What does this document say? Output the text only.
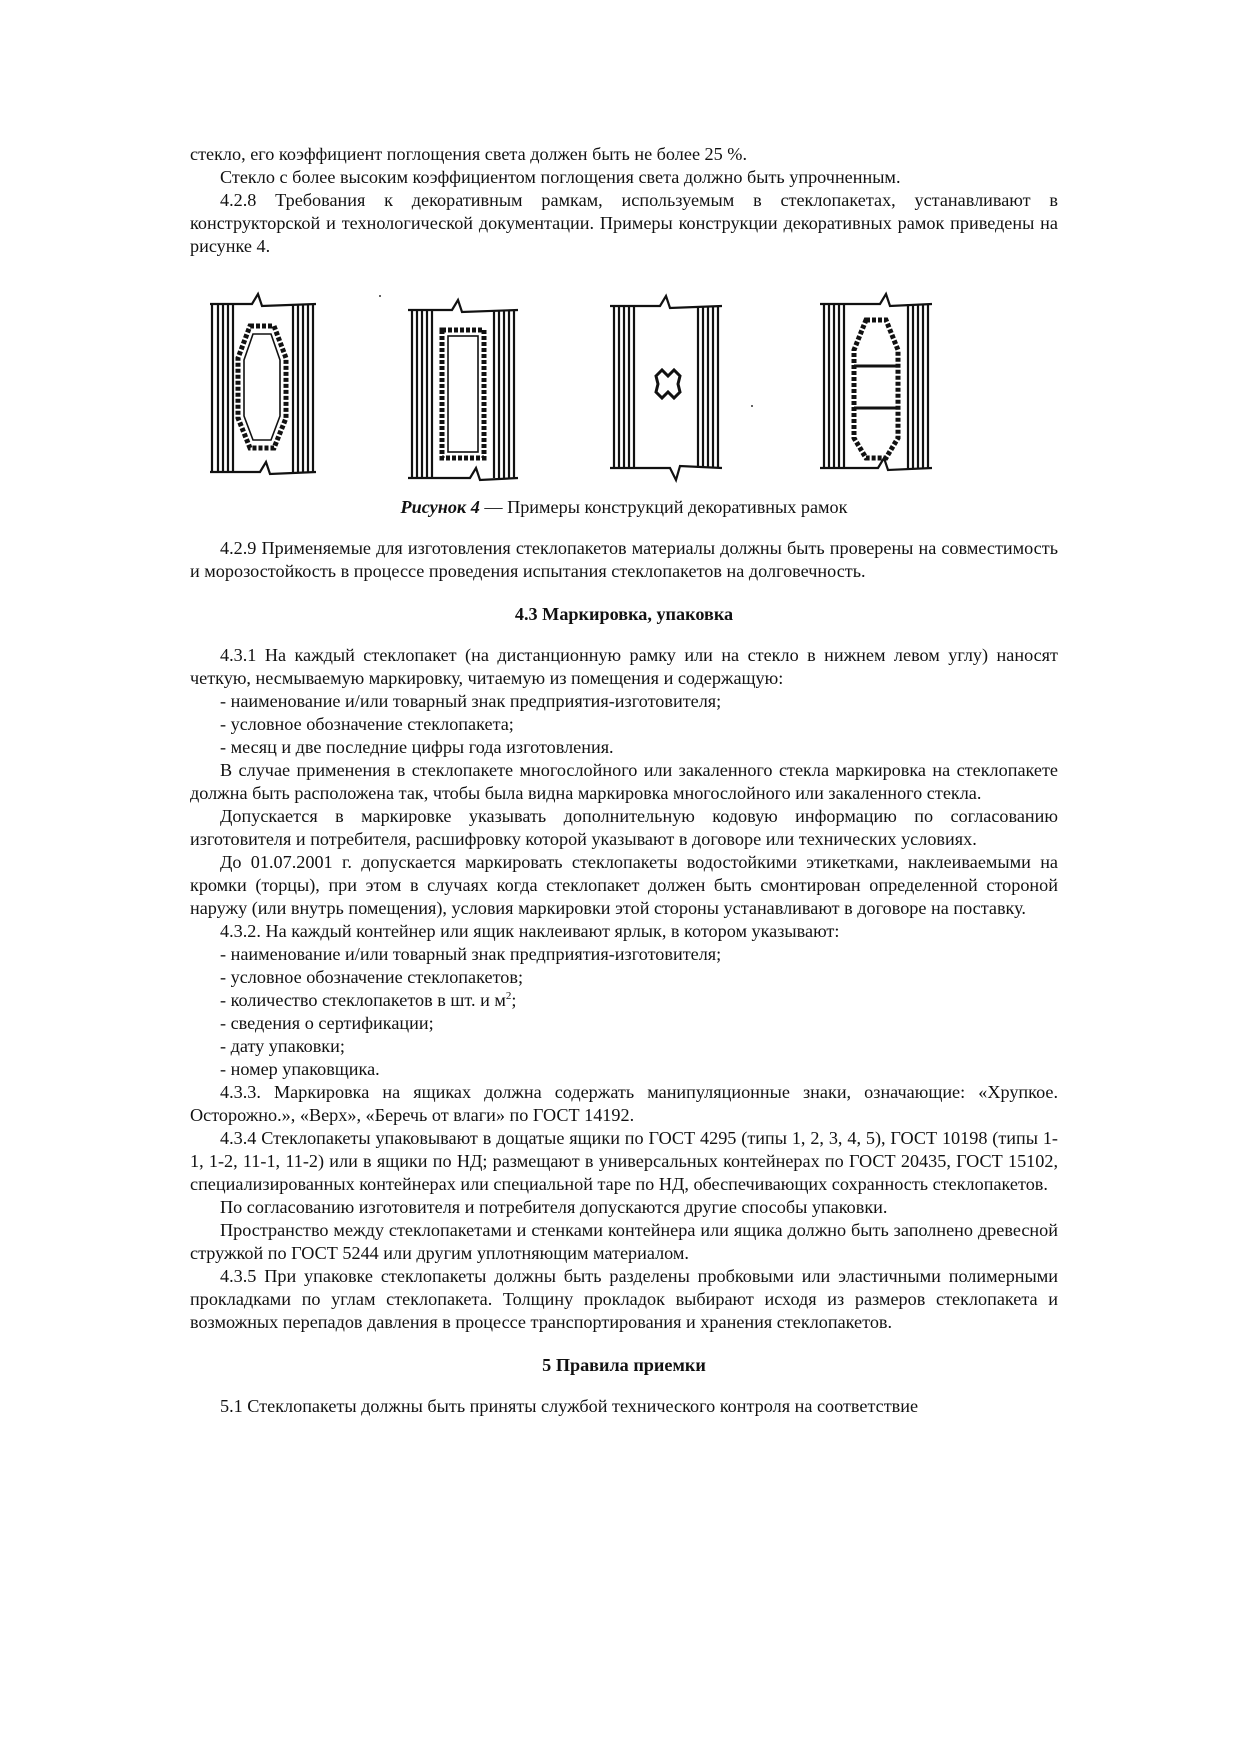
стекло, его коэффициент поглощения света должен быть не более 25 %.

Стекло с более высоким коэффициентом поглощения света должно быть упрочненным.

4.2.8 Требования к декоративным рамкам, используемым в стеклопакетах, устанавливают в конструкторской и технологической документации. Примеры конструкции декоративных рамок приведены на рисунке 4.

Рисунок 4 — Примеры конструкций декоративных рамок

4.2.9 Применяемые для изготовления стеклопакетов материалы должны быть проверены на совместимость и морозостойкость в процессе проведения испытания стеклопакетов на долговечность.

4.3 Маркировка, упаковка

4.3.1 На каждый стеклопакет (на дистанционную рамку или на стекло в нижнем левом углу) наносят четкую, несмываемую маркировку, читаемую из помещения и содержащую:

- наименование и/или товарный знак предприятия-изготовителя;

- условное обозначение стеклопакета;

- месяц и две последние цифры года изготовления.

В случае применения в стеклопакете многослойного или закаленного стекла маркировка на стеклопакете должна быть расположена так, чтобы была видна маркировка многослойного или закаленного стекла.

Допускается в маркировке указывать дополнительную кодовую информацию по согласованию изготовителя и потребителя, расшифровку которой указывают в договоре или технических условиях.

До 01.07.2001 г. допускается маркировать стеклопакеты водостойкими этикетками, наклеиваемыми на кромки (торцы), при этом в случаях когда стеклопакет должен быть смонтирован определенной стороной наружу (или внутрь помещения), условия маркировки этой стороны устанавливают в договоре на поставку.

4.3.2. На каждый контейнер или ящик наклеивают ярлык, в котором указывают:

- наименование и/или товарный знак предприятия-изготовителя;

- условное обозначение стеклопакетов;

- количество стеклопакетов в шт. и $м^2$;

- сведения о сертификации;

- дату упаковки;

- номер упаковщика.

4.3.3. Маркировка на ящиках должна содержать манипуляционные знаки, означающие: «Хрупкое. Осторожно.», «Верх», «Беречь от влаги» по ГОСТ 14192.

4.3.4 Стеклопакеты упаковывают в дощатые ящики по ГОСТ 4295 (типы 1, 2, 3, 4, 5), ГОСТ 10198 (типы 1-1, 1-2, 11-1, 11-2) или в ящики по НД; размещают в универсальных контейнерах по ГОСТ 20435, ГОСТ 15102, специализированных контейнерах или специальной таре по НД, обеспечивающих сохранность стеклопакетов.

По согласованию изготовителя и потребителя допускаются другие способы упаковки.

Пространство между стеклопакетами и стенками контейнера или ящика должно быть заполнено древесной стружкой по ГОСТ 5244 или другим уплотняющим материалом.

4.3.5 При упаковке стеклопакеты должны быть разделены пробковыми или эластичными полимерными прокладками по углам стеклопакета. Толщину прокладок выбирают исходя из размеров стеклопакета и возможных перепадов давления в процессе транспортирования и хранения стеклопакетов.

5 Правила приемки

5.1 Стеклопакеты должны быть приняты службой технического контроля на соответствие
